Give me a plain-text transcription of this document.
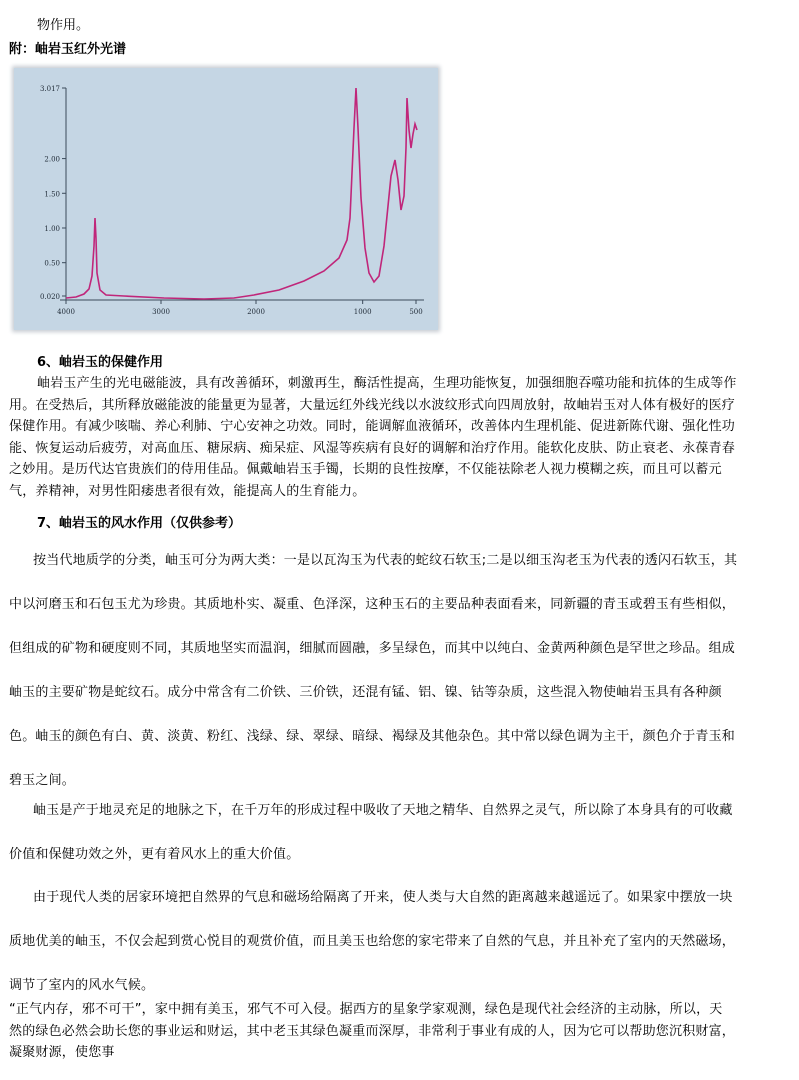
物作用。
附：岫岩玉红外光谱
3.017
2.00
1.50
1.00
0.50
0.020
4000	3000	2000	1000	500
6、岫岩玉的保健作用
岫岩玉产生的光电磁能波，具有改善循环，刺激再生，酶活性提高，生理功能恢复，加强细胞吞噬功能和抗体的生成等作
用。在受热后，其所释放磁能波的能量更为显著，大量远红外线光线以水波纹形式向四周放射，故岫岩玉对人体有极好的医疗
保健作用。有减少咳喘、养心利肺、宁心安神之功效。同时，能调解血液循环，改善体内生理机能、促进新陈代谢、强化性功
能、恢复运动后疲劳，对高血压、糖尿病、痴呆症、风湿等疾病有良好的调解和治疗作用。能软化皮肤、防止衰老、永葆青春
之妙用。是历代达官贵族们的侍用佳品。佩戴岫岩玉手镯，长期的良性按摩，不仅能祛除老人视力模糊之疾，而且可以蓄元
气，养精神，对男性阳痿患者很有效，能提高人的生育能力。
7、岫岩玉的风水作用（仅供参考）
按当代地质学的分类，岫玉可分为两大类：一是以瓦沟玉为代表的蛇纹石软玉;二是以细玉沟老玉为代表的透闪石软玉，其
中以河磨玉和石包玉尤为珍贵。其质地朴实、凝重、色泽深，这种玉石的主要品种表面看来，同新疆的青玉或碧玉有些相似，
但组成的矿物和硬度则不同，其质地坚实而温润，细腻而圆融，多呈绿色，而其中以纯白、金黄两种颜色是罕世之珍品。组成
岫玉的主要矿物是蛇纹石。成分中常含有二价铁、三价铁，还混有锰、铝、镍、钴等杂质，这些混入物使岫岩玉具有各种颜
色。岫玉的颜色有白、黄、淡黄、粉红、浅绿、绿、翠绿、暗绿、褐绿及其他杂色。其中常以绿色调为主干，颜色介于青玉和
碧玉之间。
岫玉是产于地灵充足的地脉之下，在千万年的形成过程中吸收了天地之精华、自然界之灵气，所以除了本身具有的可收藏
价值和保健功效之外，更有着风水上的重大价值。
由于现代人类的居家环境把自然界的气息和磁场给隔离了开来，使人类与大自然的距离越来越遥远了。如果家中摆放一块
质地优美的岫玉，不仅会起到赏心悦目的观赏价值，而且美玉也给您的家宅带来了自然的气息，并且补充了室内的天然磁场，
调节了室内的风水气候。
“正气内存，邪不可干”，家中拥有美玉，邪气不可入侵。据西方的星象学家观测，绿色是现代社会经济的主动脉，所以，天
然的绿色必然会助长您的事业运和财运，其中老玉其绿色凝重而深厚，非常利于事业有成的人，因为它可以帮助您沉积财富，
凝聚财源，使您事
